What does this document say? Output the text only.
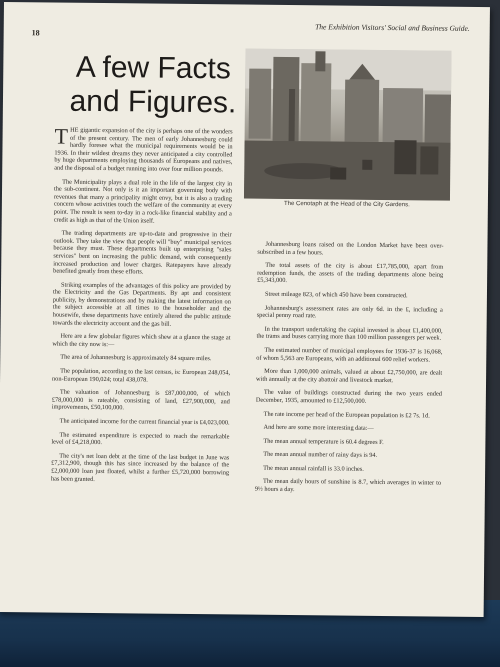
18	The Exhibition Visitors' Social and Business Guide.
A few Facts
and Figures.
The Cenotaph at the Head of the City Gardens.

THE gigantic expansion of the city is perhaps one of the wonders of the present century. The men of early Johannesburg could hardly foresee what the municipal requirements would be in 1936. In their wildest dreams they never anticipated a city controlled by huge departments employing thousands of Europeans and natives, and the disposal of a budget running into over four million pounds.

The Municipality plays a dual role in the life of the largest city in the sub-continent. Not only is it an important governing body with revenues that many a principality might envy, but it is also a trading concern whose activities touch the welfare of the community at every point. The result is seen to-day in a rock-like financial stability and a credit as high as that of the Union itself.

The trading departments are up-to-date and progressive in their outlook. They take the view that people will "buy" municipal services because they must. These departments built up enterprising "sales services" bent on increasing the public demand, with consequently increased production and lower charges. Ratepayers have already benefited greatly from these efforts.

Striking examples of the advantages of this policy are provided by the Electricity and the Gas Departments. By apt and consistent publicity, by demonstrations and by making the latest information on the subject accessible at all times to the householder and the housewife, these departments have entirely altered the public attitude towards the electricity account and the gas bill.

Here are a few globular figures which shew at a glance the stage at which the city now is:—

The area of Johannesburg is approximately 84 square miles.

The population, according to the last census, is: European 248,054, non-European 190,024; total 438,078.

The valuation of Johannesburg is £87,000,000, of which £78,000,000 is rateable, consisting of land, £27,900,000, and improvements, £50,100,000.

The anticipated income for the current financial year is £4,023,000.

The estimated expenditure is expected to reach the remarkable level of £4,218,000.

The city's net loan debt at the time of the last budget in June was £7,312,900, though this has since increased by the balance of the £2,000,000 loan just floated, whilst a further £5,720,000 borrowing has been granted.

Johannesburg loans raised on the London Market have been over-subscribed in a few hours.

The total assets of the city is about £17,785,000, apart from redemption funds, the assets of the trading departments alone being £5,343,000.

Street mileage 823, of which 450 have been constructed.

Johannesburg's assessment rates are only 6d. in the £, including a special penny road rate.

In the transport undertaking the capital invested is about £1,400,000, the trams and buses carrying more than 100 million passengers per week.

The estimated number of municipal employees for 1936-37 is 16,068, of whom 5,563 are Europeans, with an additional 600 relief workers.

More than 1,000,000 animals, valued at about £2,750,000, are dealt with annually at the city abattoir and livestock market.

The value of buildings constructed during the two years ended December, 1935, amounted to £12,500,000.

The rate income per head of the European population is £2 7s. 1d.

And here are some more interesting data:—

The mean annual temperature is 60.4 degrees F.

The mean annual number of rainy days is 94.

The mean annual rainfall is 33.0 inches.

The mean daily hours of sunshine is 8.7, which averages in winter to 9½ hours a day.
